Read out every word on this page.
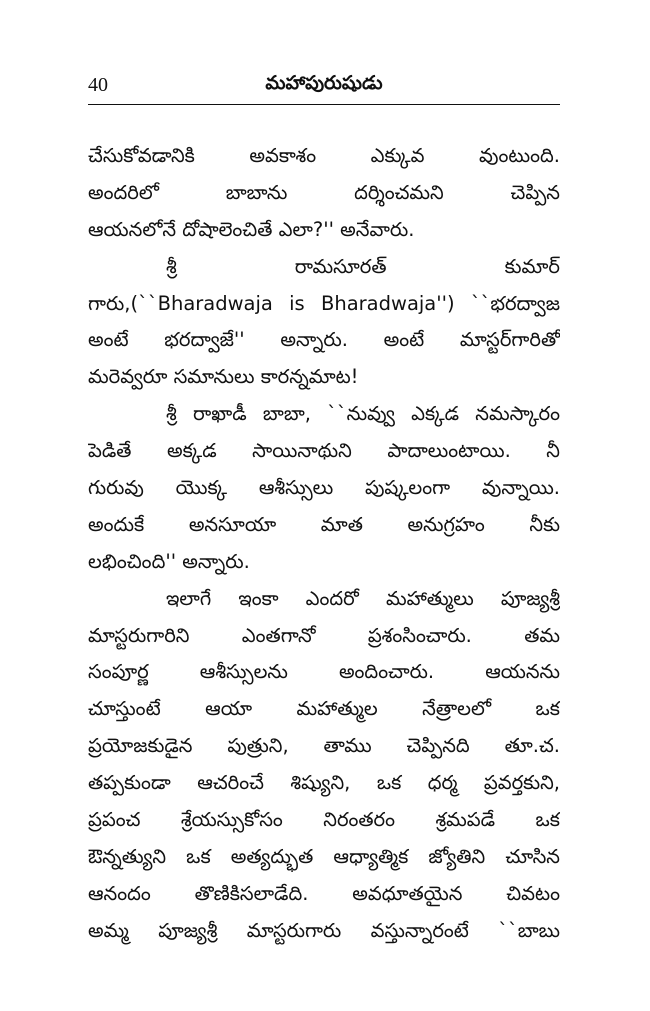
40	మహాపురుషుడు
చేసుకోవడానికి అవకాశం ఎక్కువ వుంటుంది.
అందరిలో బాబాను దర్శించమని చెప్పిన
ఆయనలోనే దోషాలెంచితే ఎలా?'' అనేవారు.
శ్రీ రామసూరత్ కుమార్
గారు,(``Bharadwaja is Bharadwaja'') ``భరద్వాజ
అంటే భరద్వాజే'' అన్నారు. అంటే మాస్టర్‌గారితో
మరెవ్వరూ సమానులు కారన్నమాట!
శ్రీ రాఖాడీ బాబా, ``నువ్వు ఎక్కడ నమస్కారం
పెడితే అక్కడ సాయినాథుని పాదాలుంటాయి. నీ
గురువు యొక్క ఆశీస్సులు పుష్కలంగా వున్నాయి.
అందుకే అనసూయా మాత అనుగ్రహం నీకు
లభించింది'' అన్నారు.
ఇలాగే ఇంకా ఎందరో మహాత్ములు పూజ్యశ్రీ
మాస్టరుగారిని ఎంతగానో ప్రశంసించారు. తమ
సంపూర్ణ ఆశీస్సులను అందించారు. ఆయనను
చూస్తుంటే ఆయా మహాత్ముల నేత్రాలలో ఒక
ప్రయోజకుడైన పుత్రుని, తాము చెప్పినది తూ.చ.
తప్పకుండా ఆచరించే శిష్యుని, ఒక ధర్మ ప్రవర్తకుని,
ప్రపంచ శ్రేయస్సుకోసం నిరంతరం శ్రమపడే ఒక
ఔన్నత్యుని ఒక అత్యద్భుత ఆధ్యాత్మిక జ్యోతిని చూసిన
ఆనందం తొణికిసలాడేది. అవధూతయైన చివటం
అమ్మ పూజ్యశ్రీ మాస్టరుగారు వస్తున్నారంటే ``బాబు
